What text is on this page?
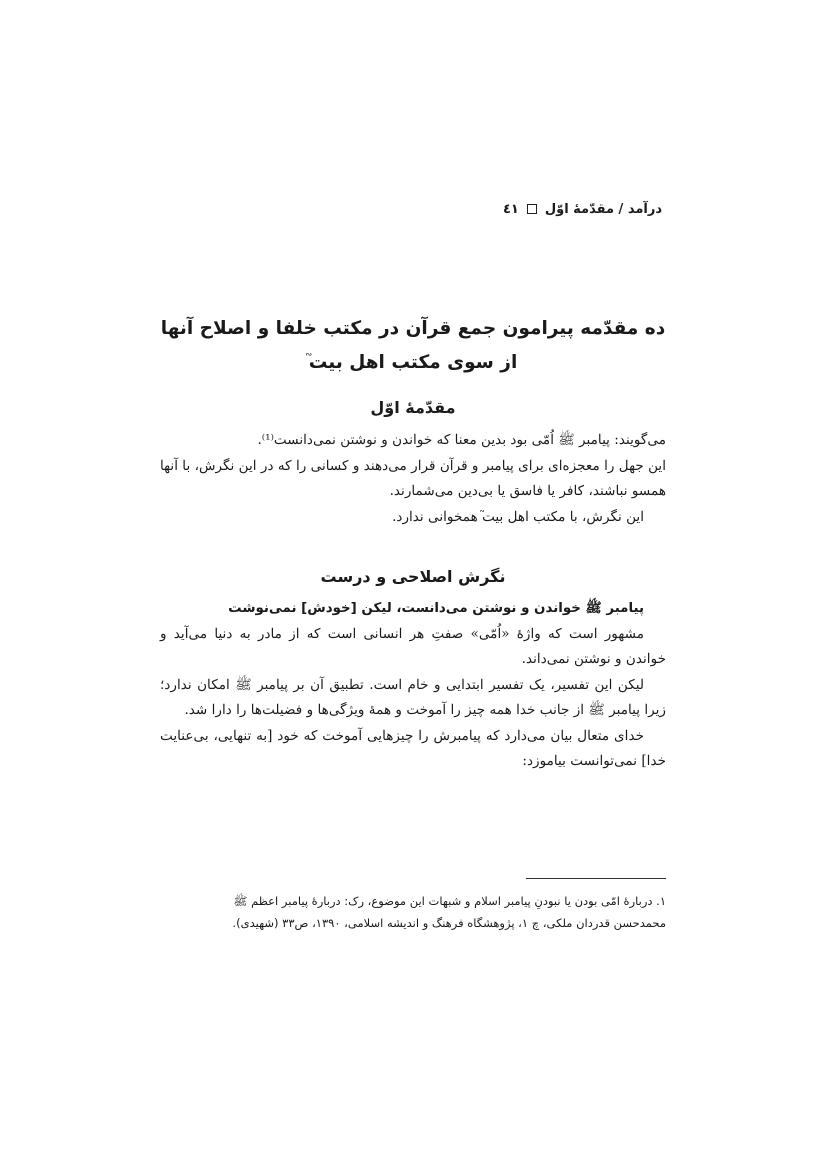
درآمد / مقدّمۀ اوّل
٤١
ده مقدّمه پیرامون جمع قرآن در مکتب خلفا و اصلاح آنها
از سوی مکتب اهل بیت֘
مقدّمۀ اوّل

می‌گویند: پیامبر ﷺ اُمّی بود بدین معنا که خواندن و نوشتن نمی‌دانست⁽¹⁾.

این جهل را معجزه‌ای برای پیامبر و قرآن قرار می‌دهند و کسانی را که در این نگرش، با آنها همسو نباشند، کافر یا فاسق یا بی‌دین می‌شمارند.

این نگرش، با مکتب اهل بیت֘ همخوانی ندارد.

نگرش اصلاحی و درست

پیامبر ﷺ خواندن و نوشتن می‌دانست، لیکن [خودش] نمی‌نوشت

مشهور است که واژۀ «اُمّی» صفتِ هر انسانی است که از مادر به دنیا می‌آید و خواندن و نوشتن نمی‌داند.

لیکن این تفسیر، یک تفسیر ابتدایی و خام است. تطبیق آن بر پیامبر ﷺ امکان ندارد؛ زیرا پیامبر ﷺ از جانب خدا همه چیز را آموخت و همۀ ویژگی‌ها و فضیلت‌ها را دارا شد.

خدای متعال بیان می‌دارد که پیامبرش را چیزهایی آموخت که خود [به تنهایی، بی‌عنایت خدا] نمی‌توانست بیاموزد:

١. دربارۀ امّی بودن یا نبودنِ پیامبر اسلام و شبهات این موضوع، رک: دربارۀ پیامبر اعظم ﷺ

محمدحسن قدردان ملکی، چ ١، پژوهشگاه فرهنگ و اندیشه اسلامی، ١٣٩٠، ص٣٣ (شهیدی).
